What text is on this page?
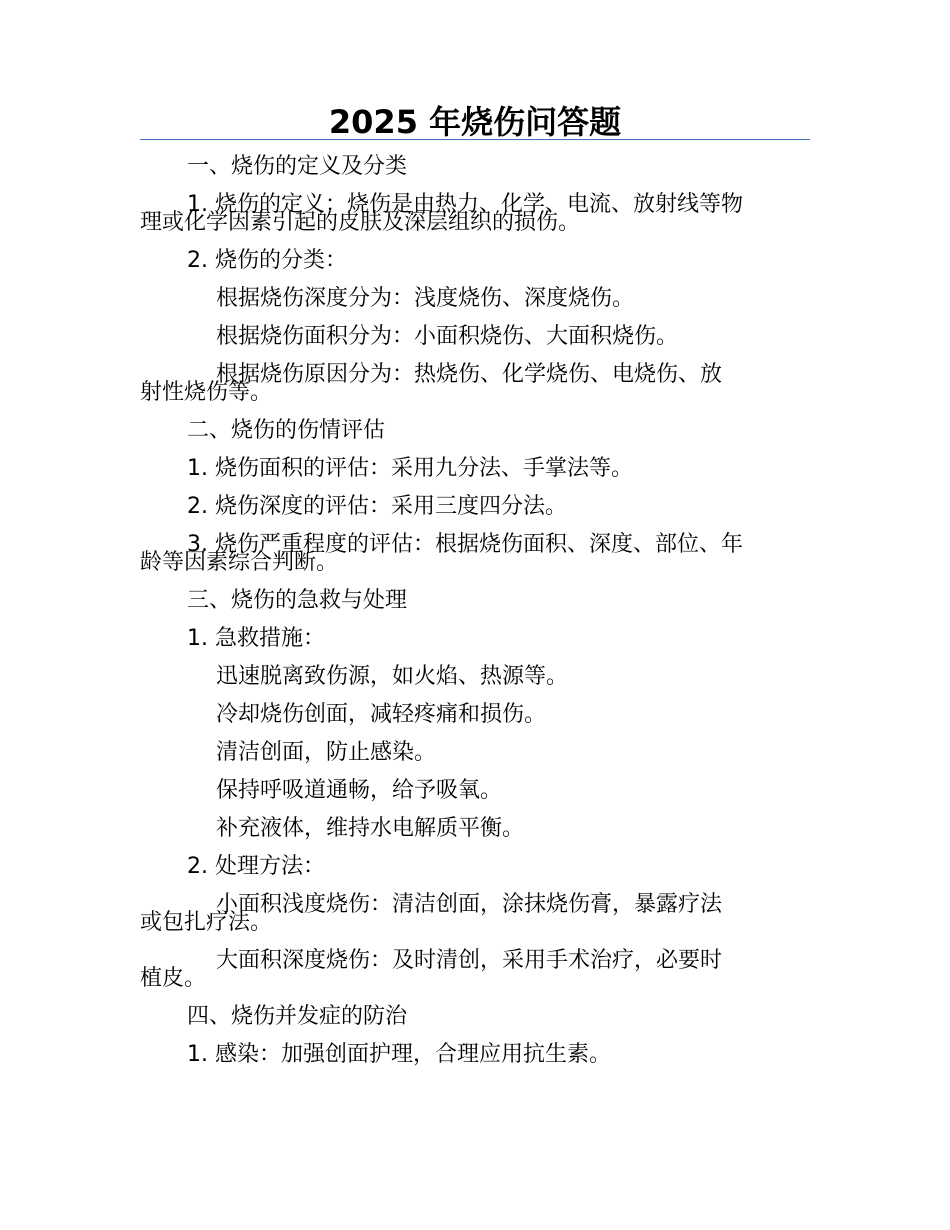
2025 年烧伤问答题
一、烧伤的定义及分类
1. 烧伤的定义：烧伤是由热力、化学、电流、放射线等物
理或化学因素引起的皮肤及深层组织的损伤。
2. 烧伤的分类：
根据烧伤深度分为：浅度烧伤、深度烧伤。
根据烧伤面积分为：小面积烧伤、大面积烧伤。
根据烧伤原因分为：热烧伤、化学烧伤、电烧伤、放
射性烧伤等。
二、烧伤的伤情评估
1. 烧伤面积的评估：采用九分法、手掌法等。
2. 烧伤深度的评估：采用三度四分法。
3. 烧伤严重程度的评估：根据烧伤面积、深度、部位、年
龄等因素综合判断。
三、烧伤的急救与处理
1. 急救措施：
迅速脱离致伤源，如火焰、热源等。
冷却烧伤创面，减轻疼痛和损伤。
清洁创面，防止感染。
保持呼吸道通畅，给予吸氧。
补充液体，维持水电解质平衡。
2. 处理方法：
小面积浅度烧伤：清洁创面，涂抹烧伤膏，暴露疗法
或包扎疗法。
大面积深度烧伤：及时清创，采用手术治疗，必要时
植皮。
四、烧伤并发症的防治
1. 感染：加强创面护理，合理应用抗生素。
